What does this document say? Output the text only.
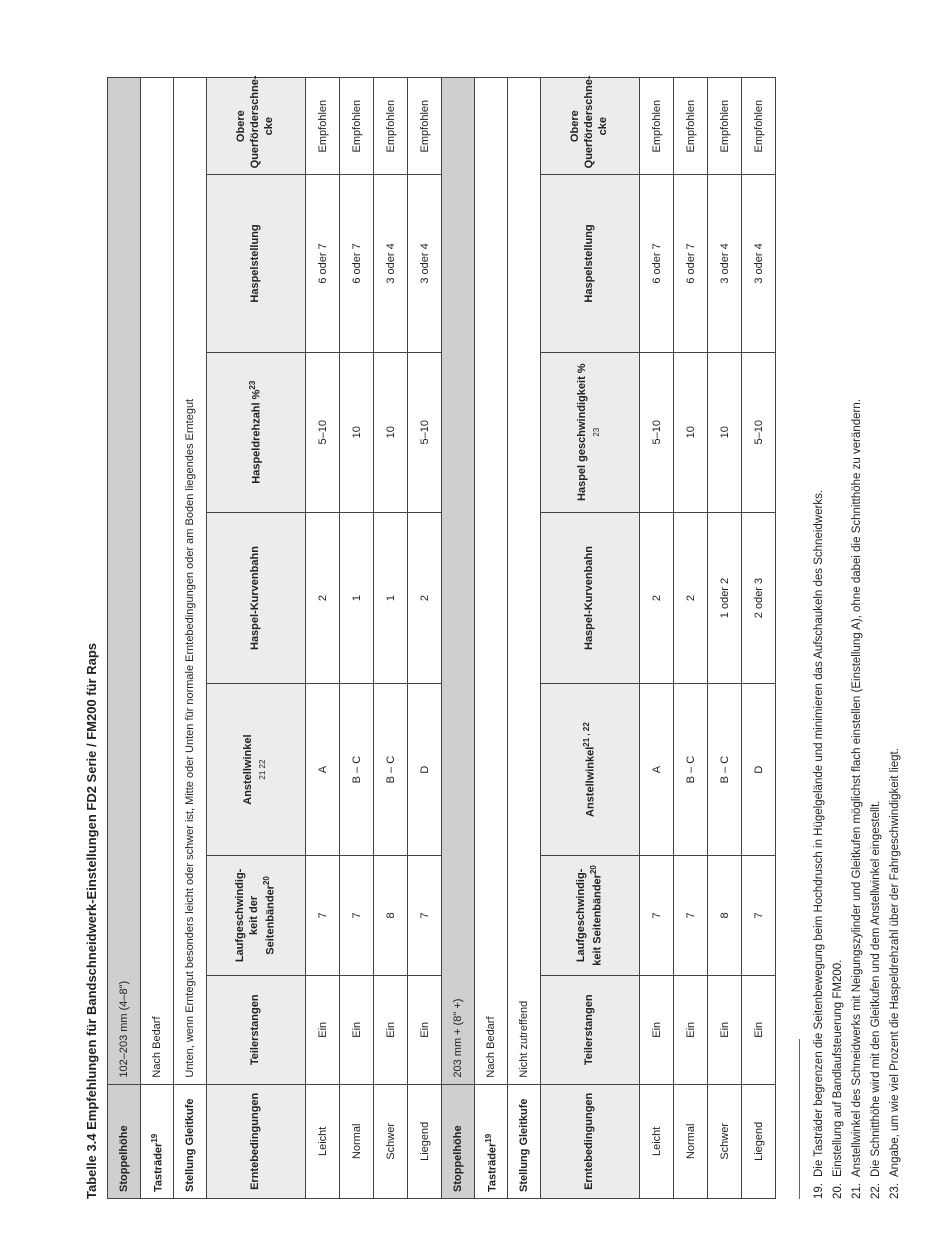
Tabelle 3.4 Empfehlungen für Bandschneidwerk-Einstellungen FD2 Serie / FM200 für Raps Stoppelhöhe	102–203 mm (4–8")						
Tasträder$^{19}$	Nach Bedarf						
Stellung Gleitkufe	Unten, wenn Erntegut besonders leicht oder schwer ist, Mitte oder Unten für normale Erntebedingungen oder am Boden liegendes Erntegut						
Erntebedingungen	Teilerstangen	Laufgeschwindig-keit der Seitenbänder$^{20}$	Anstellwinkel 21 22	Haspel-Kurvenbahn	Haspeldrehzahl %$^{23}$	Haspelstellung	Obere Querförderschne-cke
Leicht	Ein	7	A	2	5–10	6 oder 7	Empfohlen
Normal	Ein	7	B – C	1	10	6 oder 7	Empfohlen
Schwer	Ein	8	B – C	1	10	3 oder 4	Empfohlen
Liegend	Ein	7	D	2	5–10	3 oder 4	Empfohlen
Stoppelhöhe	203 mm + (8" +)						
Tasträder$^{19}$	Nach Bedarf						
Stellung Gleitkufe	Nicht zutreffend						
Erntebedingungen	Teilerstangen	Laufgeschwindig-keit Seitenbänder$^{20}$	Anstellwinkel$^{21 , 22}$	Haspel-Kurvenbahn	Haspel geschwindigkeit % 23	Haspelstellung	Obere Querförderschne-cke
Leicht	Ein	7	A	2	5–10	6 oder 7	Empfohlen
Normal	Ein	7	B – C	2	10	6 oder 7	Empfohlen
Schwer	Ein	8	B – C	1 oder 2	10	3 oder 4	Empfohlen
Liegend	Ein	7	D	2 oder 3	5–10	3 oder 4	Empfohlen
19.Die Tasträder begrenzen die Seitenbewegung beim Hochdrusch in Hügelgelände und minimieren das Aufschaukeln des Schneidwerks.
20.Einstellung auf Bandlaufsteuerung FM200.
21.Anstellwinkel des Schneidwerks mit Neigungszylinder und Gleitkufen möglichst flach einstellen (Einstellung A), ohne dabei die Schnitthöhe zu verändern.
22.Die Schnitthöhe wird mit den Gleitkufen und dem Anstellwinkel eingestellt.
23.Angabe, um wie viel Prozent die Haspeldrehzahl über der Fahrgeschwindigkeit liegt.
